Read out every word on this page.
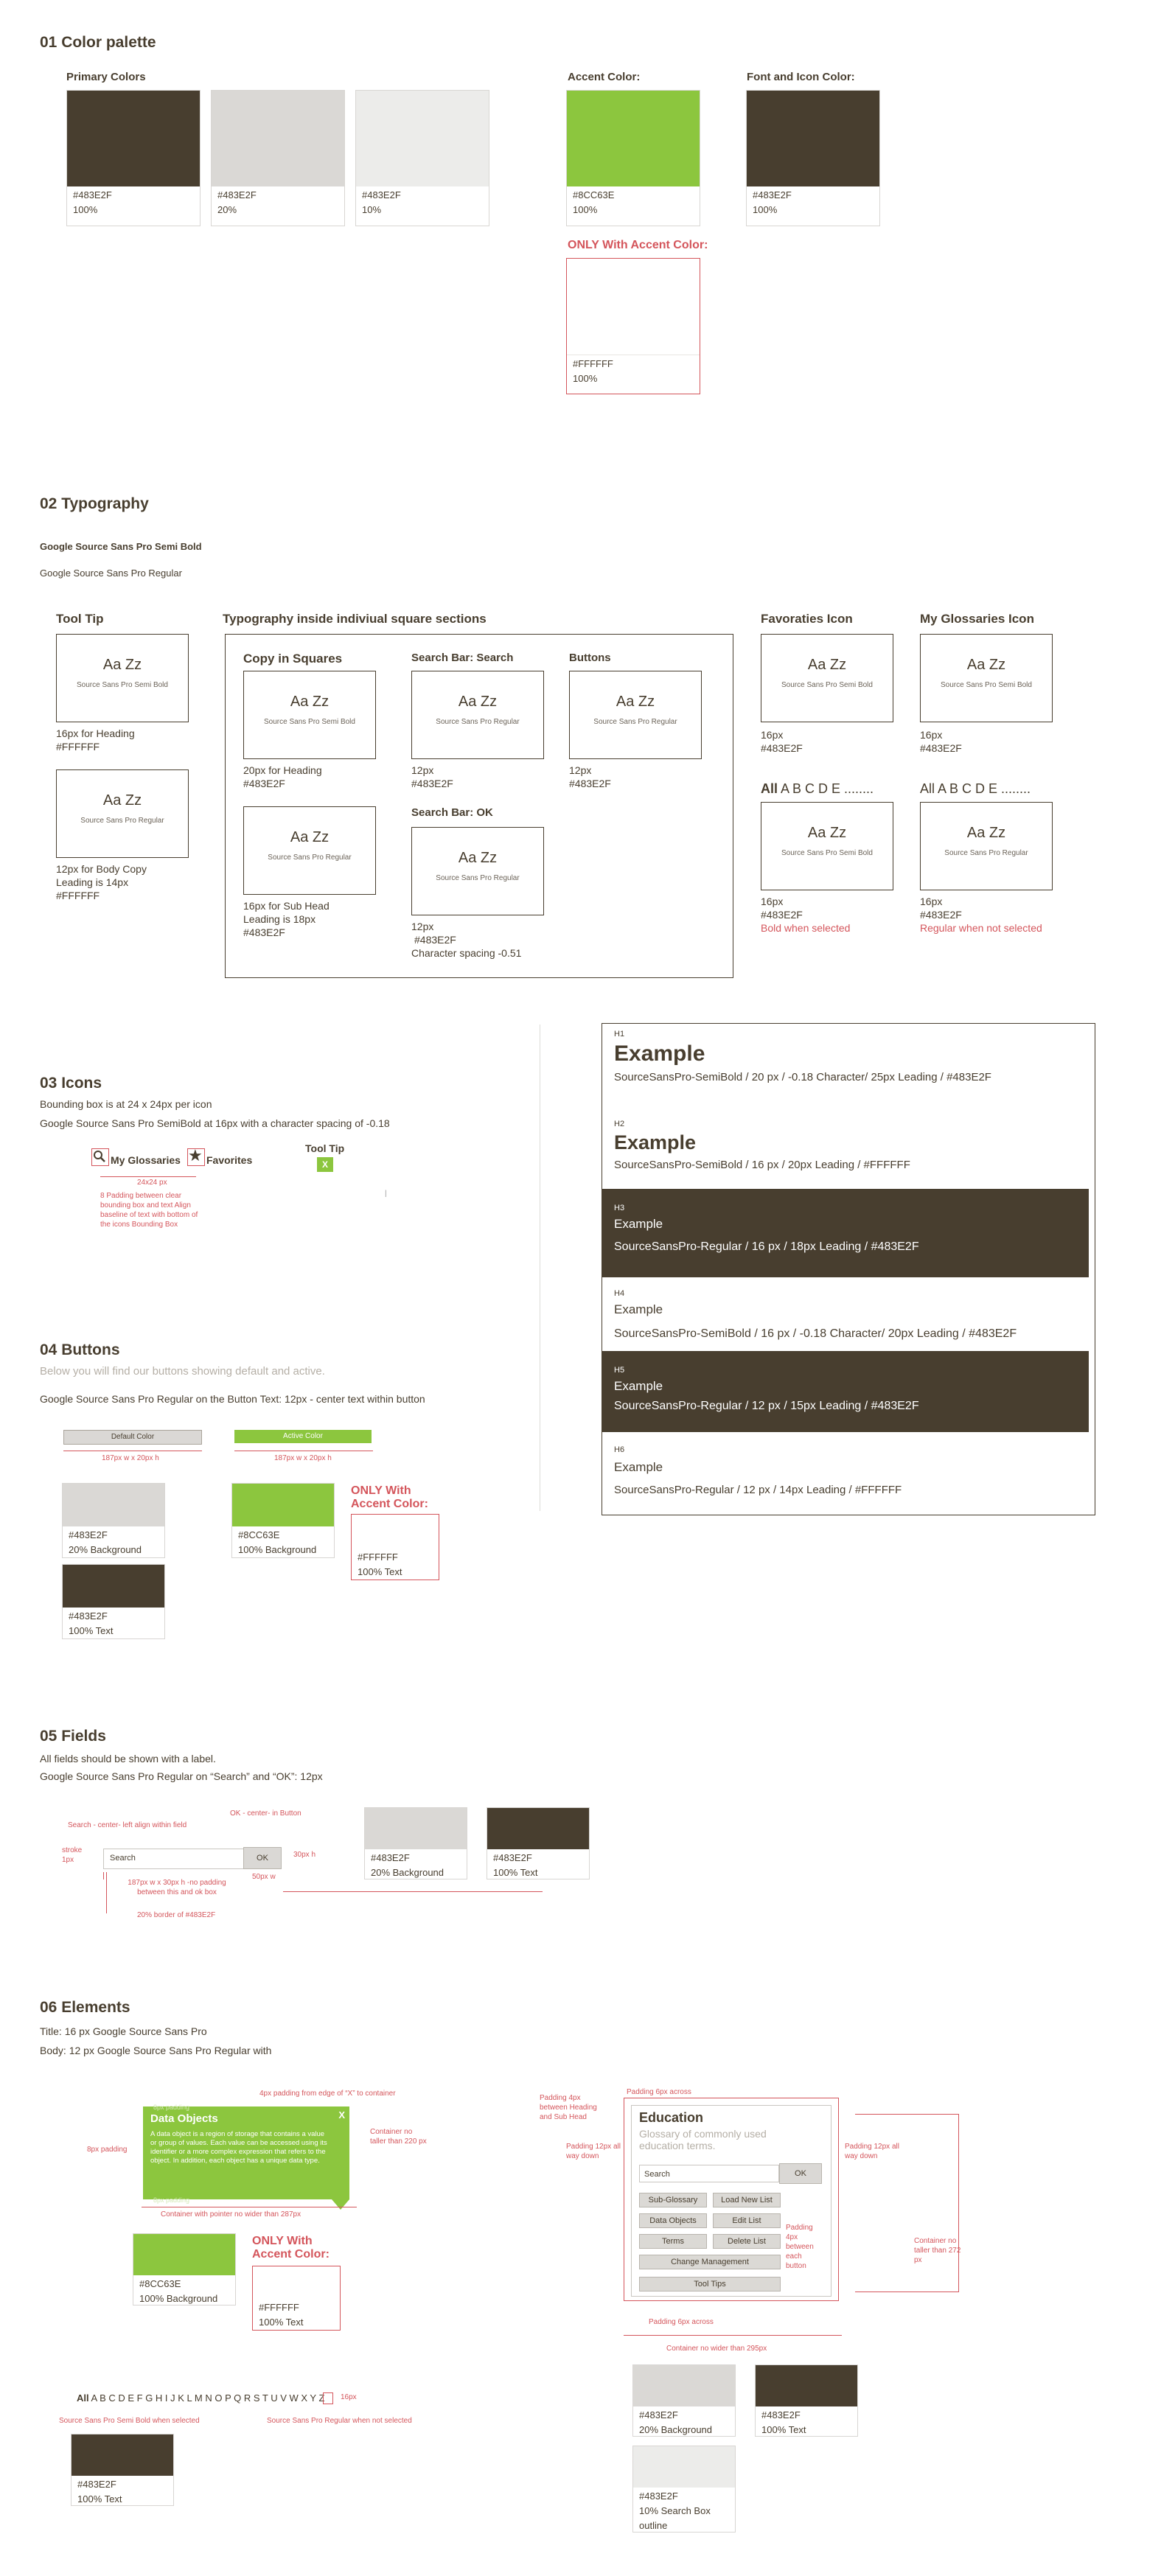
01 Color palette
Primary Colors	Accent Color:	Font and Icon Color:
#483E2F
100%
#483E2F
20%
#483E2F
10%
#8CC63E
100%
#483E2F
100%
ONLY With Accent Color:
#FFFFFF
100%
02 Typography
Google Source Sans Pro Semi Bold
Google Source Sans Pro Regular
Tool Tip
Aa Zz
Source Sans Pro Semi Bold
16px for Heading
#FFFFFF
Aa Zz
Source Sans Pro Regular
12px for Body Copy
Leading is 14px
#FFFFFF
Typography inside indiviual square sections
Copy in Squares	Search Bar: Search	Buttons
Aa Zz
Source Sans Pro Semi Bold
20px for Heading
#483E2F
Aa Zz
Source Sans Pro Regular
12px
#483E2F
Aa Zz
Source Sans Pro Regular
12px
#483E2F
Aa Zz
Source Sans Pro Regular
16px for Sub Head
Leading is 18px
#483E2F
Search Bar: OK
Aa Zz
Source Sans Pro Regular
12px
#483E2F
Character spacing -0.51
Favoraties Icon	My Glossaries Icon
Aa Zz
Source Sans Pro Semi Bold
16px
#483E2F
Aa Zz
Source Sans Pro Semi Bold
16px
#483E2F
All A B C D E ........	All A B C D E ........
Aa Zz
Source Sans Pro Semi Bold
16px
#483E2F
Bold when selected
Aa Zz
Source Sans Pro Regular
16px
#483E2F
Regular when not selected
H1
Example
SourceSansPro-SemiBold / 20 px / -0.18 Character/ 25px Leading / #483E2F
H2
Example
SourceSansPro-SemiBold / 16 px / 20px Leading / #FFFFFF
H3
Example
SourceSansPro-Regular / 16 px / 18px Leading / #483E2F
H4
Example
SourceSansPro-SemiBold / 16 px / -0.18 Character/ 20px Leading / #483E2F
H5
Example
SourceSansPro-Regular / 12 px / 15px Leading / #483E2F
H6
Example
SourceSansPro-Regular / 12 px / 14px Leading / #FFFFFF
03 Icons
Bounding box is at 24 x 24px per icon
Google Source Sans Pro SemiBold at 16px with a character spacing of -0.18
My Glossaries ★ Favorites
Tool Tip
X
24x24 px
8 Padding between clear bounding box and text Align baseline of text with bottom of the icons Bounding Box
|
04 Buttons
Below you will find our buttons showing default and active.
Google Source Sans Pro Regular on the Button Text: 12px - center text within button
Default Color	Active Color
187px w x 20px h	187px w x 20px h
#483E2F
20% Background
#8CC63E
100% Background
ONLY With Accent Color:
#FFFFFF
100% Text
#483E2F
100% Text
05 Fields
All fields should be shown with a label.
Google Source Sans Pro Regular on “Search” and “OK”: 12px
Search - center- left align within field
OK - center- in Button
stroke 1px	Search	OK	30px h
50px w
187px w x 30px h -no padding between this and ok box
20% border of #483E2F
#483E2F
20% Background
#483E2F
100% Text
06 Elements
Title: 16 px Google Source Sans Pro
Body: 12 px Google Source Sans Pro Regular with
4px padding from edge of “X” to container
8px padding
8px padding
Data Objects	X
A data object is a region of storage that contains a value or group of values. Each value can be accessed using its identifier or a more complex expression that refers to the object. In addition, each object has a unique data type.
8px padding
Container no taller than 220 px
Container with pointer no wider than 287px
#8CC63E
100% Background
ONLY With Accent Color:
#FFFFFF
100% Text
All A B C D E F G H I J K L M N O P Q R S T U V W X Y Z 16px
Source Sans Pro Semi Bold when selected	Source Sans Pro Regular when not selected
#483E2F
100% Text
Padding 6px across
Padding 4px between Heading and Sub Head
Padding 12px all way down
Padding 12px all way down
Education
Glossary of commonly used education terms.
Search	OK
Sub-Glossary	Load New List
Data Objects	Edit List
Terms	Delete List
Change Management
Tool Tips
Padding 4px between each button
Container no taller than 272 px
Padding 6px across
Container no wider than 295px
#483E2F
20% Background
#483E2F
100% Text
#483E2F
10% Search Box
outline
